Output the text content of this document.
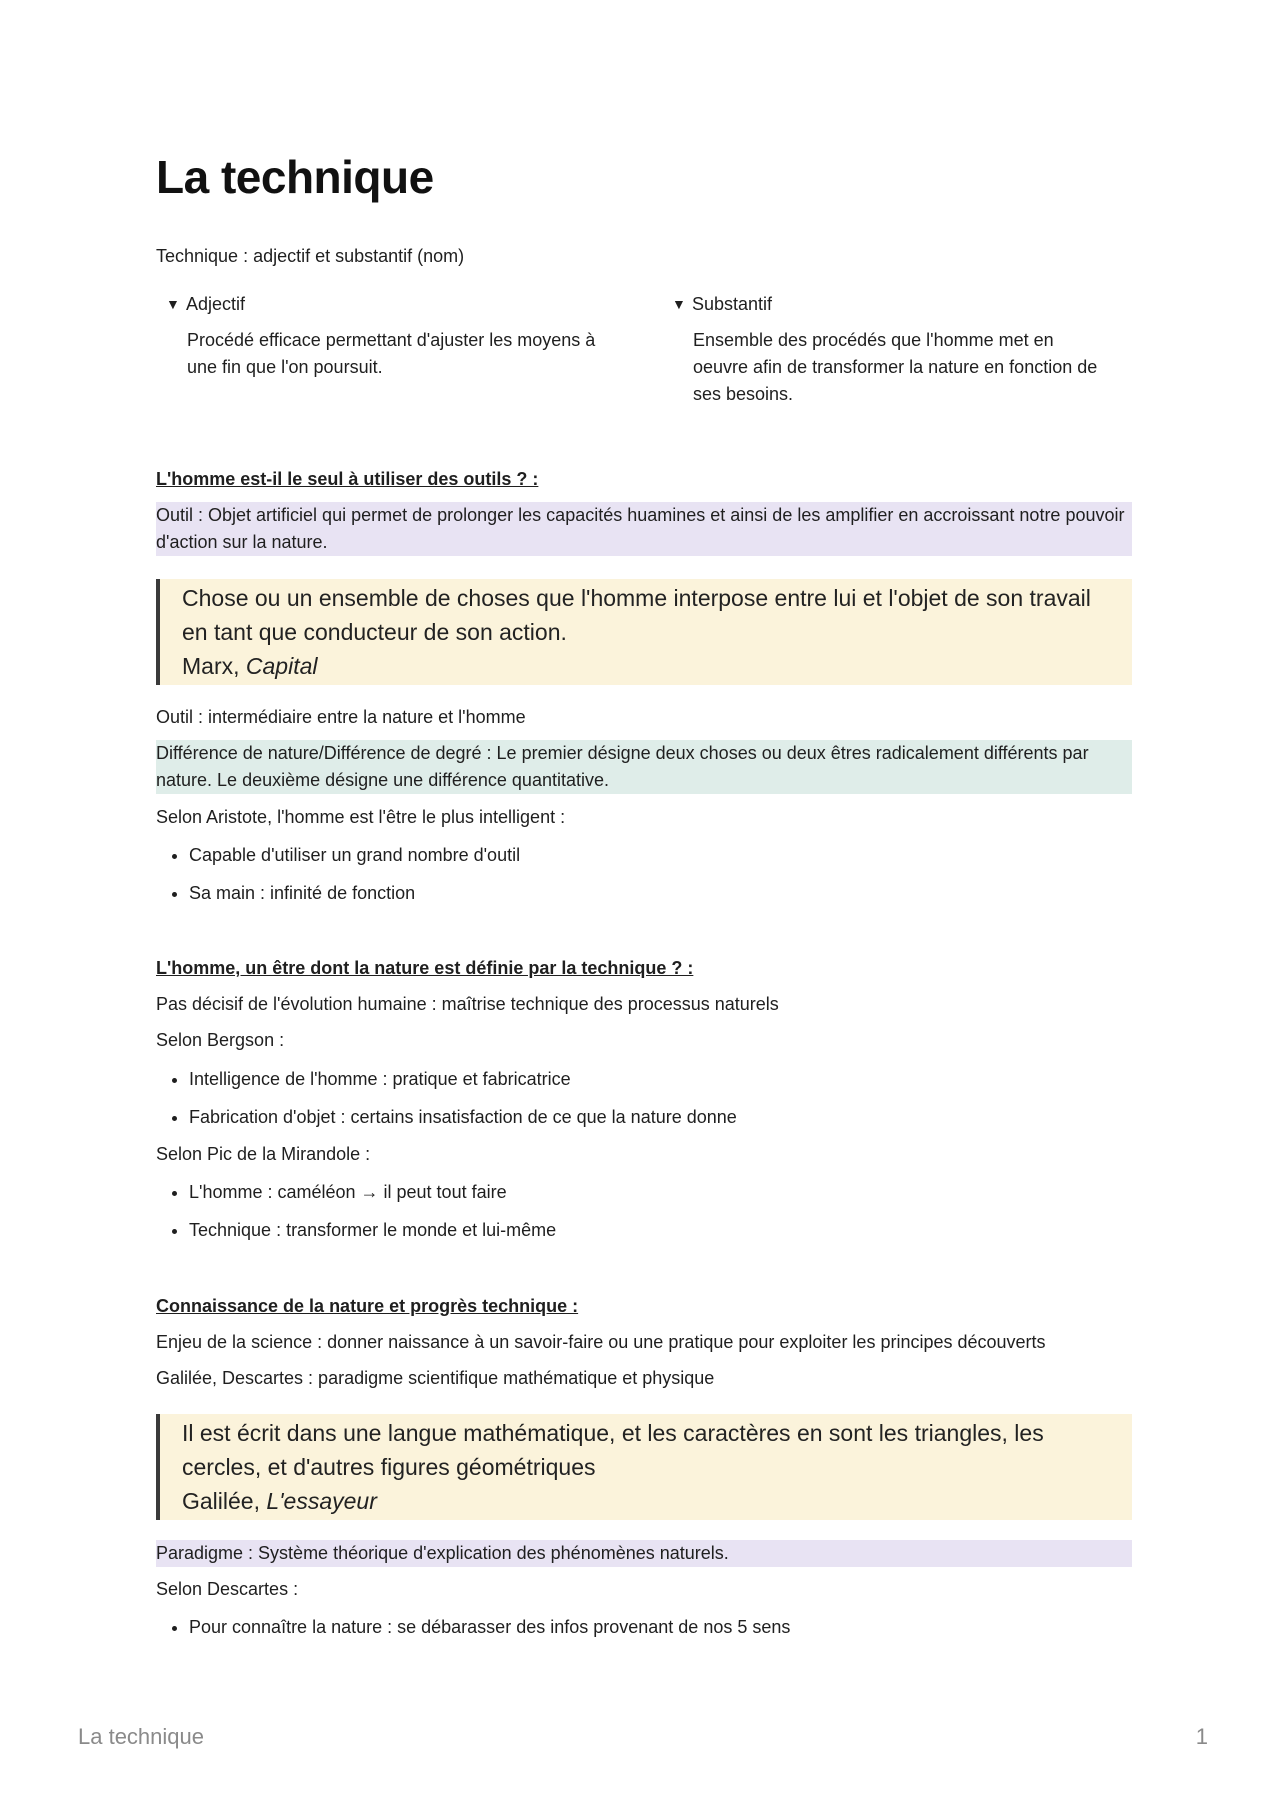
La technique

Technique : adjectif et substantif (nom)

▼ Adjectif
Procédé efficace permettant d'ajuster les moyens à une fin que l'on poursuit.
▼ Substantif
Ensemble des procédés que l'homme met en oeuvre afin de transformer la nature en fonction de ses besoins.

L'homme est-il le seul à utiliser des outils ? :

Outil : Objet artificiel qui permet de prolonger les capacités huamines et ainsi de les amplifier en accroissant notre pouvoir d'action sur la nature.
Chose ou un ensemble de choses que l'homme interpose entre lui et l'objet de son travail en tant que conducteur de son action.
Marx, Capital

Outil : intermédiaire entre la nature et l'homme

Différence de nature/Différence de degré : Le premier désigne deux choses ou deux êtres radicalement différents par nature. Le deuxième désigne une différence quantitative.

Selon Aristote, l'homme est l'être le plus intelligent :

• Capable d'utiliser un grand nombre d'outil
• Sa main : infinité de fonction

L'homme, un être dont la nature est définie par la technique ? :

Pas décisif de l'évolution humaine : maîtrise technique des processus naturels

Selon Bergson :

• Intelligence de l'homme : pratique et fabricatrice
• Fabrication d'objet : certains insatisfaction de ce que la nature donne

Selon Pic de la Mirandole :

• L'homme : caméléon → il peut tout faire
• Technique : transformer le monde et lui-même

Connaissance de la nature et progrès technique :

Enjeu de la science : donner naissance à un savoir-faire ou une pratique pour exploiter les principes découverts

Galilée, Descartes : paradigme scientifique mathématique et physique

Il est écrit dans une langue mathématique, et les caractères en sont les triangles, les cercles, et d'autres figures géométriques
Galilée, L'essayeur
Paradigme : Système théorique d'explication des phénomènes naturels.

Selon Descartes :

• Pour connaître la nature : se débarasser des infos provenant de nos 5 sens
La technique	1
